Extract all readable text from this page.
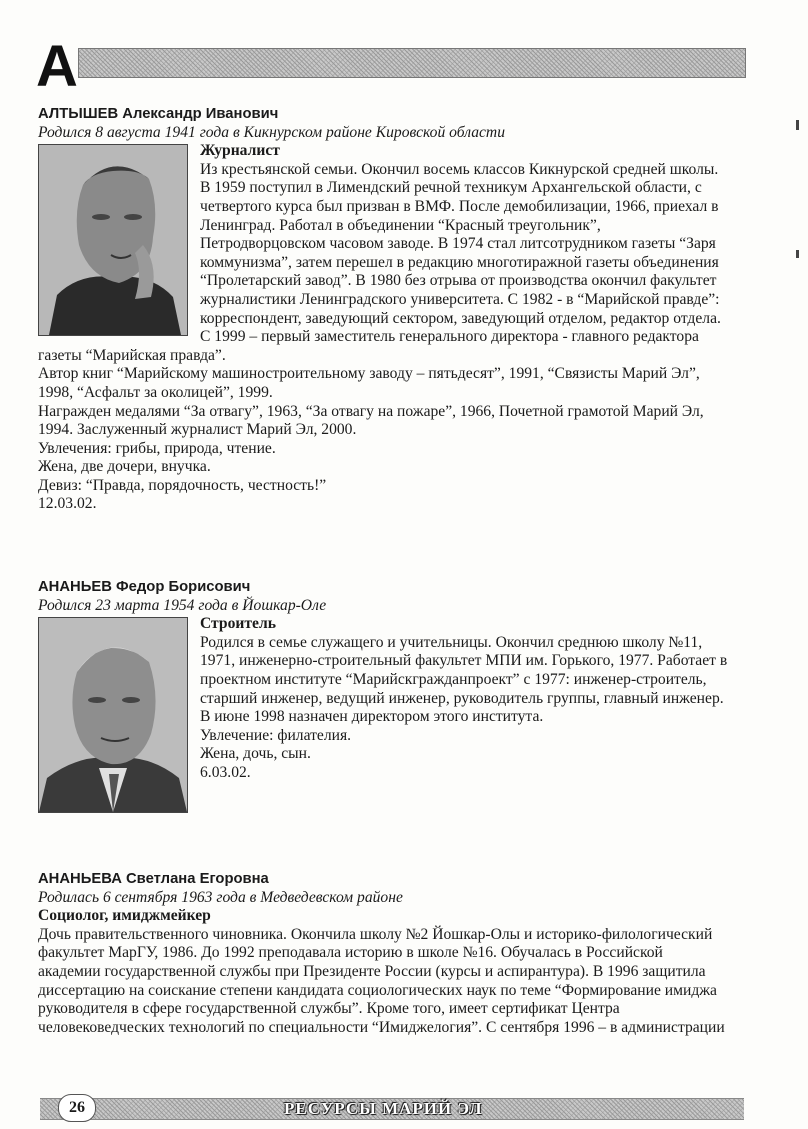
А
АЛТЫШЕВ Александр Иванович
Родился 8 августа 1941 года в Кикнурском районе Кировской области
Журналист

Из крестьянской семьи. Окончил восемь классов Кикнурской средней школы. В 1959 поступил в Лимендский речной техникум Архангельской области, с четвертого курса был призван в ВМФ. После демобилизации, 1966, приехал в Ленинград. Работал в объединении “Красный треугольник”, Петродворцовском часовом заводе. В 1974 стал литсотрудником газеты “Заря коммунизма”, затем перешел в редакцию многотиражной газеты объединения “Пролетарский завод”. В 1980 без отрыва от производства окончил факультет журналистики Ленинградского университета. С 1982 - в “Марийской правде”: корреспондент, заведующий сектором, заведующий отделом, редактор отдела. С 1999 – первый заместитель генерального директора - главного редактора газеты “Марийская правда”.

Автор книг “Марийскому машиностроительному заводу – пятьдесят”, 1991, “Связисты Марий Эл”, 1998, “Асфальт за околицей”, 1999.

Награжден медалями “За отвагу”, 1963, “За отвагу на пожаре”, 1966, Почетной грамотой Марий Эл, 1994. Заслуженный журналист Марий Эл, 2000.

Увлечения: грибы, природа, чтение.

Жена, две дочери, внучка.

Девиз: “Правда, порядочность, честность!”

12.03.02.

АНАНЬЕВ Федор Борисович
Родился 23 марта 1954 года в Йошкар-Оле
Строитель

Родился в семье служащего и учительницы. Окончил среднюю школу №11, 1971, инженерно-строительный факультет МПИ им. Горького, 1977. Работает в проектном институте “Марийскгражданпроект” с 1977: инженер-строитель, старший инженер, ведущий инженер, руководитель группы, главный инженер. В июне 1998 назначен директором этого института.

Увлечение: филателия.

Жена, дочь, сын.

6.03.02.

АНАНЬЕВА Светлана Егоровна
Родилась 6 сентября 1963 года в Медведевском районе
Социолог, имиджмейкер

Дочь правительственного чиновника. Окончила школу №2 Йошкар-Олы и историко-филологический факультет МарГУ, 1986. До 1992 преподавала историю в школе №16. Обучалась в Российской академии государственной службы при Президенте России (курсы и аспирантура). В 1996 защитила диссертацию на соискание степени кандидата социологических наук по теме “Формирование имиджа руководителя в сфере государственной службы”. Кроме того, имеет сертификат Центра человековедческих технологий по специальности “Имиджелогия”. С сентября 1996 – в администрации

26	РЕСУРСЫ МАРИЙ ЭЛ
